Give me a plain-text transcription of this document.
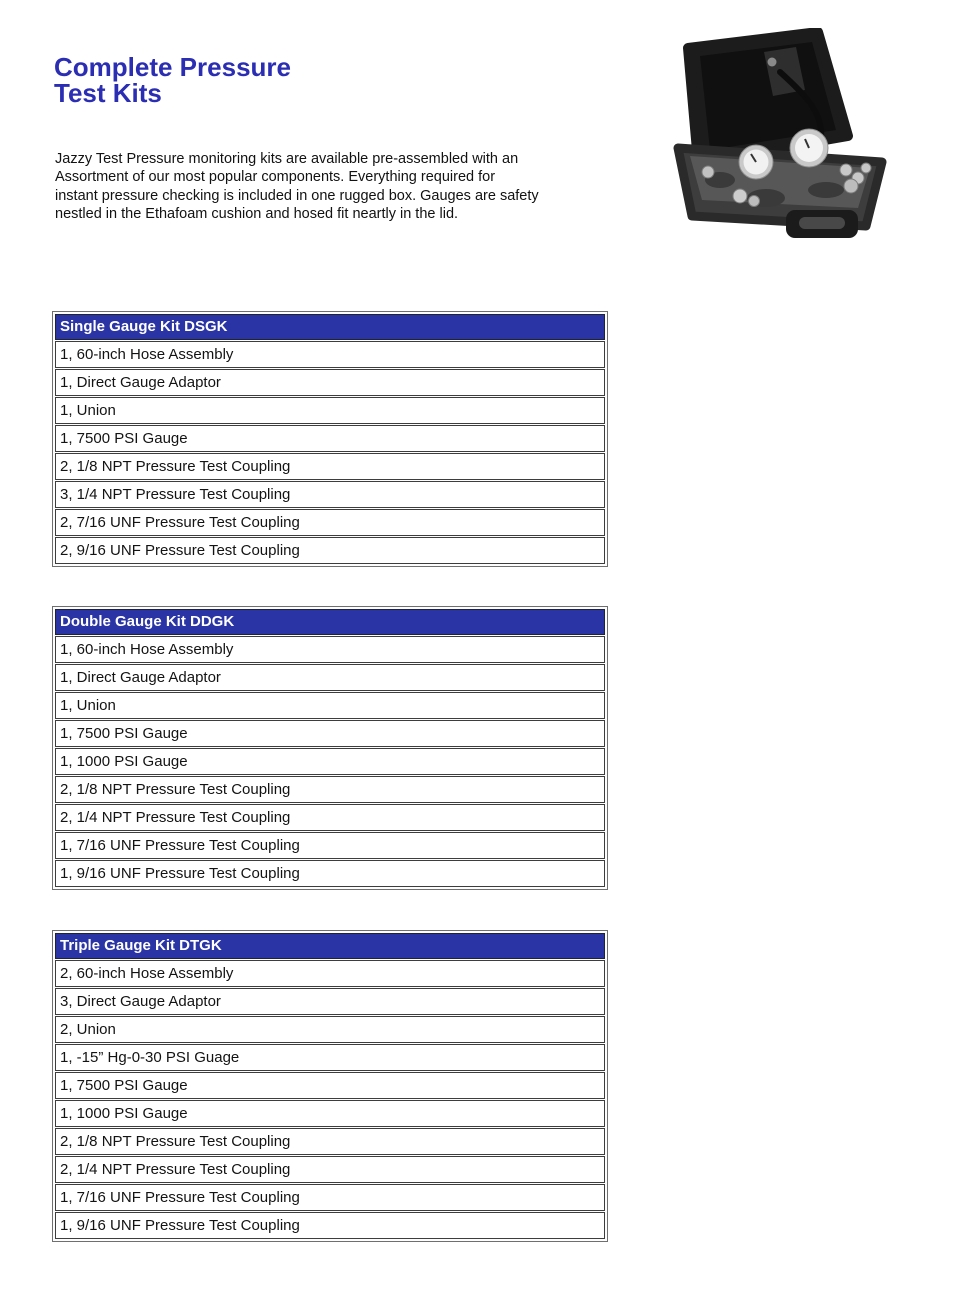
Complete Pressure
Test Kits
Jazzy Test Pressure monitoring kits are available pre-assembled with an
Assortment of our most popular components. Everything required for
instant pressure checking is included in one rugged box. Gauges are safety
nestled in the Ethafoam cushion and hosed fit neartly in the lid.
Single Gauge Kit DSGK
1, 60-inch Hose Assembly
1, Direct Gauge Adaptor
1, Union
1, 7500 PSI Gauge
2, 1/8 NPT Pressure Test Coupling
3, 1/4 NPT Pressure Test Coupling
2, 7/16 UNF Pressure Test Coupling
2, 9/16 UNF Pressure Test Coupling
Double Gauge Kit DDGK
1, 60-inch Hose Assembly
1, Direct Gauge Adaptor
1, Union
1, 7500 PSI Gauge
1, 1000 PSI Gauge
2, 1/8 NPT Pressure Test Coupling
2, 1/4 NPT Pressure Test Coupling
1, 7/16 UNF Pressure Test Coupling
1, 9/16 UNF Pressure Test Coupling
Triple Gauge Kit DTGK
2, 60-inch Hose Assembly
3, Direct Gauge Adaptor
2, Union
1, -15” Hg-0-30 PSI Guage
1, 7500 PSI Gauge
1, 1000 PSI Gauge
2, 1/8 NPT Pressure Test Coupling
2, 1/4 NPT Pressure Test Coupling
1, 7/16 UNF Pressure Test Coupling
1, 9/16 UNF Pressure Test Coupling
